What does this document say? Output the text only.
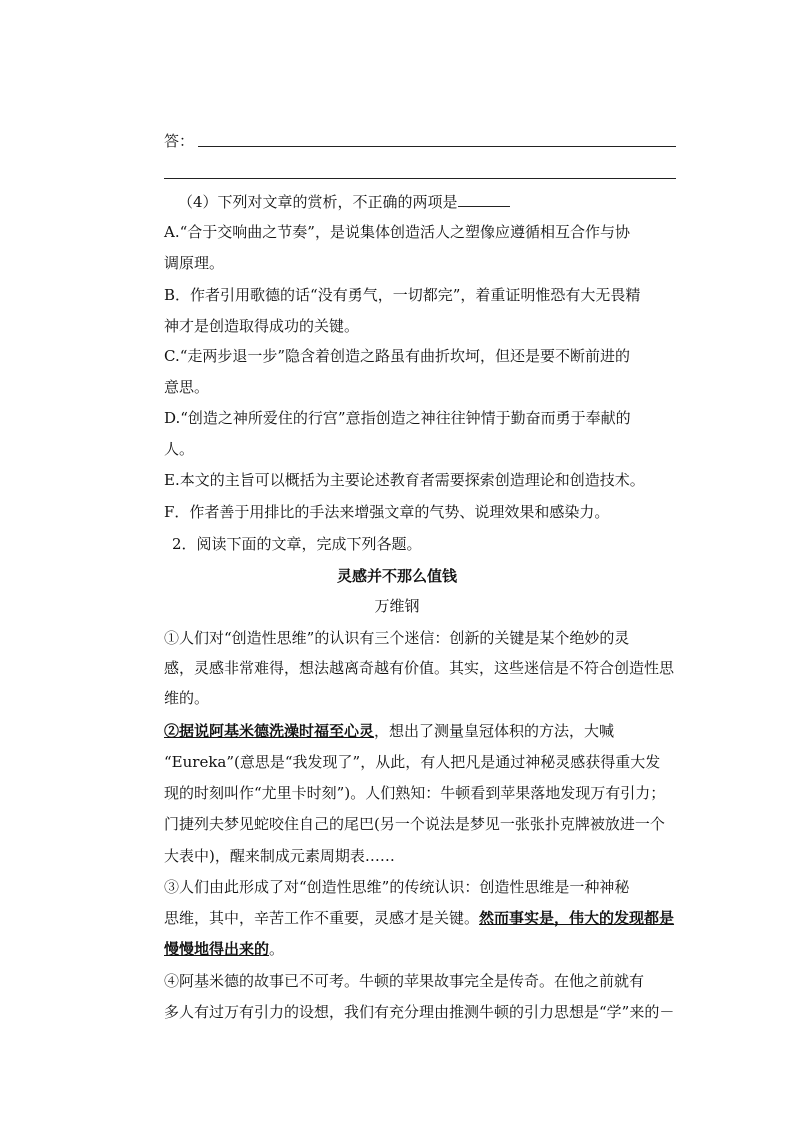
答：
（4）下列对文章的赏析，不正确的两项是
A.“合于交响曲之节奏”，是说集体创造活人之塑像应遵循相互合作与协
调原理。
B．作者引用歌德的话“没有勇气，一切都完”，着重证明惟恐有大无畏精
神才是创造取得成功的关键。
C.“走两步退一步”隐含着创造之路虽有曲折坎坷，但还是要不断前进的
意思。
D.“创造之神所爱住的行宫”意指创造之神往往钟情于勤奋而勇于奉献的
人。
E.本文的主旨可以概括为主要论述教育者需要探索创造理论和创造技术。
F．作者善于用排比的手法来增强文章的气势、说理效果和感染力。
2．阅读下面的文章，完成下列各题。
灵感并不那么值钱
万维钢
①人们对“创造性思维”的认识有三个迷信：创新的关键是某个绝妙的灵
感，灵感非常难得，想法越离奇越有价值。其实，这些迷信是不符合创造性思
维的。
②据说阿基米德洗澡时福至心灵，想出了测量皇冠体积的方法，大喊
“Eureka”(意思是“我发现了”，从此，有人把凡是通过神秘灵感获得重大发
现的时刻叫作“尤里卡时刻”)。人们熟知：牛顿看到苹果落地发现万有引力；
门捷列夫梦见蛇咬住自己的尾巴(另一个说法是梦见一张张扑克牌被放进一个
大表中)，醒来制成元素周期表……
③人们由此形成了对“创造性思维”的传统认识：创造性思维是一种神秘
思维，其中，辛苦工作不重要，灵感才是关键。然而事实是，伟大的发现都是
慢慢地得出来的。
④阿基米德的故事已不可考。牛顿的苹果故事完全是传奇。在他之前就有
多人有过万有引力的设想，我们有充分理由推测牛顿的引力思想是“学”来的－
